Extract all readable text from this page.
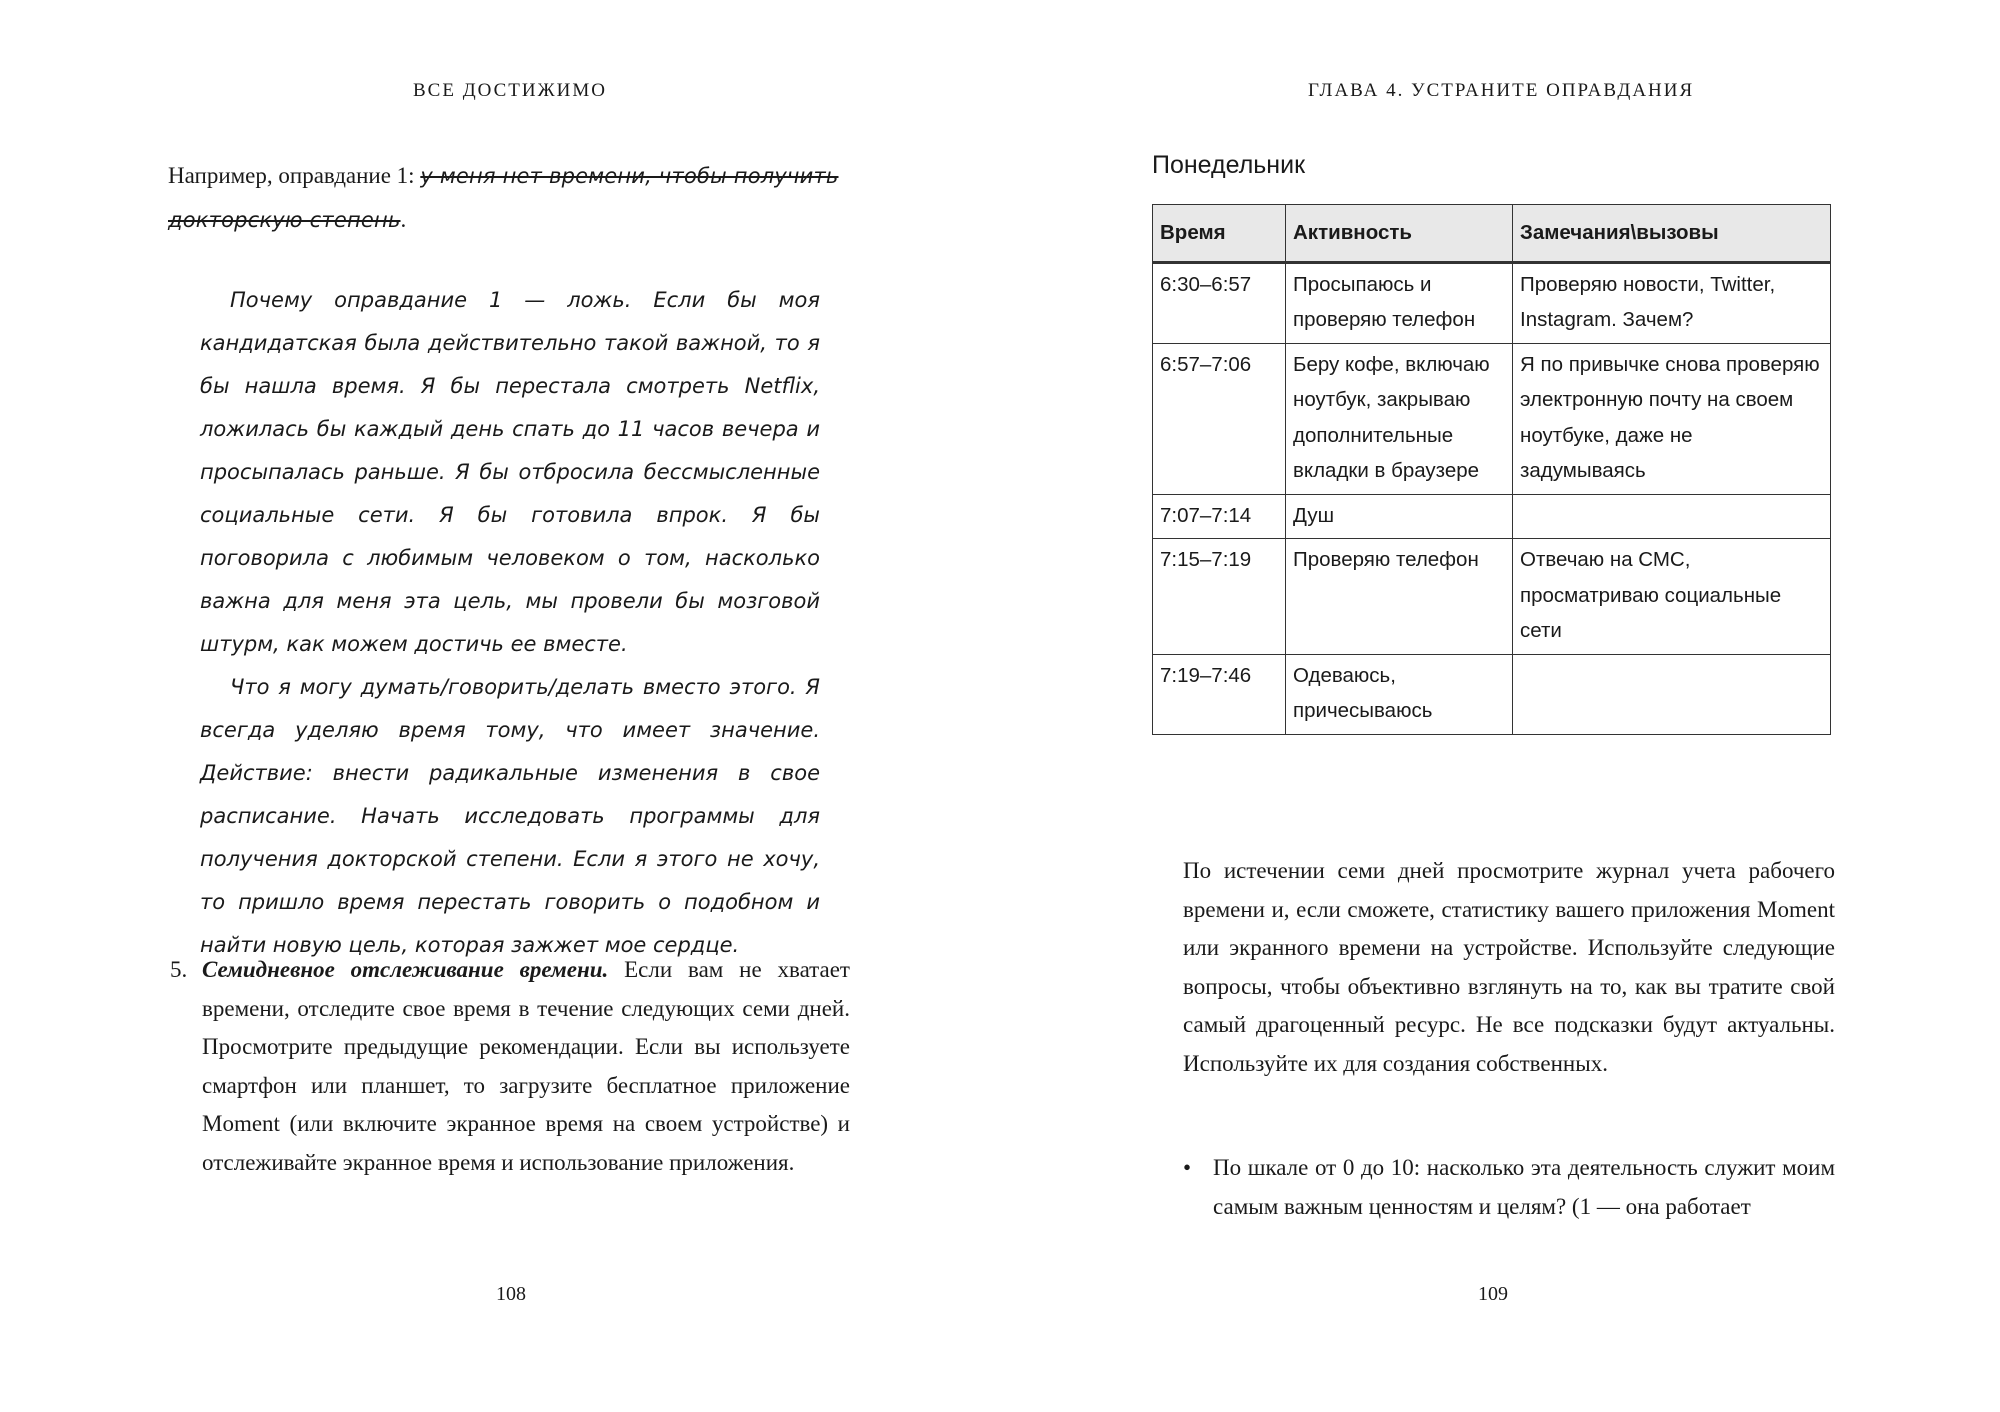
ВСЕ ДОСТИЖИМО
Например, оправдание 1: у меня нет времени, чтобы получить докторскую степень.

Почему оправдание 1 — ложь. Если бы моя кандидатская была действительно такой важной, то я бы нашла время. Я бы перестала смотреть Netflix, ложилась бы каждый день спать до 11 часов вечера и просыпалась раньше. Я бы отбросила бессмысленные социальные сети. Я бы готовила впрок. Я бы поговорила с любимым человеком о том, насколько важна для меня эта цель, мы провели бы мозговой штурм, как можем достичь ее вместе.

Что я могу думать/говорить/делать вместо этого. Я всегда уделяю время тому, что имеет значение. Действие: внести радикальные изменения в свое расписание. Начать исследовать программы для получения докторской степени. Если я этого не хочу, то пришло время перестать говорить о подобном и найти новую цель, которая зажжет мое сердце.

5. Семидневное отслеживание времени. Если вам не хватает времени, отследите свое время в течение следующих семи дней. Просмотрите предыдущие рекомендации. Если вы используете смартфон или планшет, то загрузите бесплатное приложение Moment (или включите экранное время на своем устройстве) и отслеживайте экранное время и использование приложения.
108
ГЛАВА 4. УСТРАНИТЕ ОПРАВДАНИЯ
Понедельник
Время	Активность	Замечания\вызовы
6:30–6:57	Просыпаюсь и проверяю телефон	Проверяю новости, Twitter, Instagram. Зачем?
6:57–7:06	Беру кофе, включаю ноутбук, закрываю дополнительные вкладки в браузере	Я по привычке снова проверяю электронную почту на своем ноутбуке, даже не задумываясь
7:07–7:14	Душ	
7:15–7:19	Проверяю телефон	Отвечаю на СМС, просматриваю социальные сети
7:19–7:46	Одеваюсь, причесываюсь	
По истечении семи дней просмотрите журнал учета рабочего времени и, если сможете, статистику вашего приложения Moment или экранного времени на устройстве. Используйте следующие вопросы, чтобы объективно взглянуть на то, как вы тратите свой самый драгоценный ресурс. Не все подсказки будут актуальны. Используйте их для создания собственных.
• По шкале от 0 до 10: насколько эта деятельность служит моим самым важным ценностям и целям? (1 — она работает
109
